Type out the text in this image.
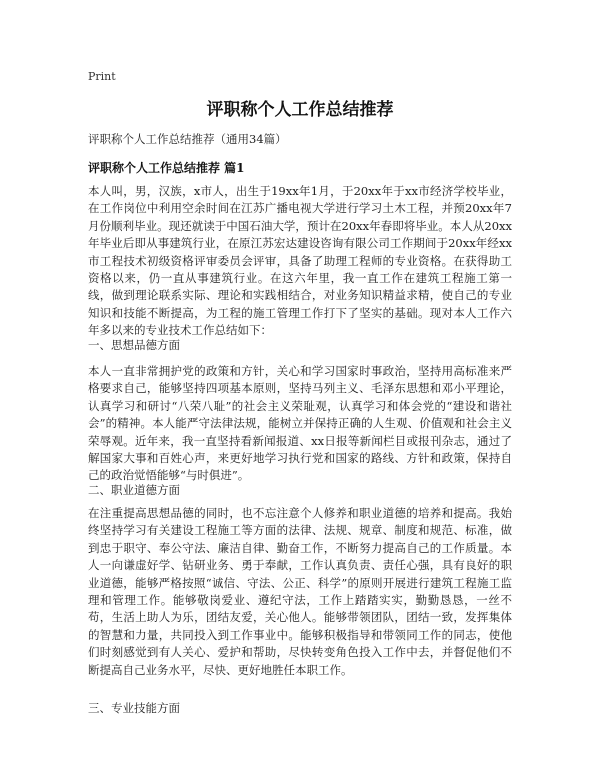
Print
评职称个人工作总结推荐
评职称个人工作总结推荐（通用34篇）
评职称个人工作总结推荐 篇1

本人叫，男，汉族，x市人，出生于19xx年1月，于20xx年于xx市经济学校毕业，在工作岗位中利用空余时间在江苏广播电视大学进行学习土木工程，并预20xx年7月份顺利毕业。现还就读于中国石油大学，预计在20xx年春即将毕业。本人从20xx年毕业后即从事建筑行业，在原江苏宏达建设咨询有限公司工作期间于20xx年经xx市工程技术初级资格评审委员会评审，具备了助理工程师的专业资格。在获得助工资格以来，仍一直从事建筑行业。在这六年里，我一直工作在建筑工程施工第一线，做到理论联系实际、理论和实践相结合，对业务知识精益求精，使自己的专业知识和技能不断提高，为工程的施工管理工作打下了坚实的基础。现对本人工作六年多以来的专业技术工作总结如下：

一、思想品德方面

本人一直非常拥护党的政策和方针，关心和学习国家时事政治，坚持用高标准来严格要求自己，能够坚持四项基本原则，坚持马列主义、毛泽东思想和邓小平理论，认真学习和研讨“八荣八耻”的社会主义荣耻观，认真学习和体会党的“建设和谐社会”的精神。本人能严守法律法规，能树立并保持正确的人生观、价值观和社会主义荣辱观。近年来，我一直坚持看新闻报道、xx日报等新闻栏目或报刊杂志，通过了解国家大事和百姓心声，来更好地学习执行党和国家的路线、方针和政策，保持自己的政治觉悟能够“与时俱进”。

二、职业道德方面

在注重提高思想品德的同时，也不忘注意个人修养和职业道德的培养和提高。我始终坚持学习有关建设工程施工等方面的法律、法规、规章、制度和规范、标准，做到忠于职守、奉公守法、廉洁自律、勤奋工作，不断努力提高自己的工作质量。本人一向谦虚好学、钻研业务、勇于奉献，工作认真负责、责任心强，具有良好的职业道德，能够严格按照“诚信、守法、公正、科学”的原则开展进行建筑工程施工监理和管理工作。能够敬岗爱业、遵纪守法，工作上踏踏实实，勤勤恳恳，一丝不苟，生活上助人为乐，团结友爱，关心他人。能够带领团队，团结一致，发挥集体的智慧和力量，共同投入到工作事业中。能够积极指导和带领同工作的同志，使他们时刻感觉到有人关心、爱护和帮助，尽快转变角色投入工作中去，并督促他们不断提高自己业务水平，尽快、更好地胜任本职工作。

三、专业技能方面
